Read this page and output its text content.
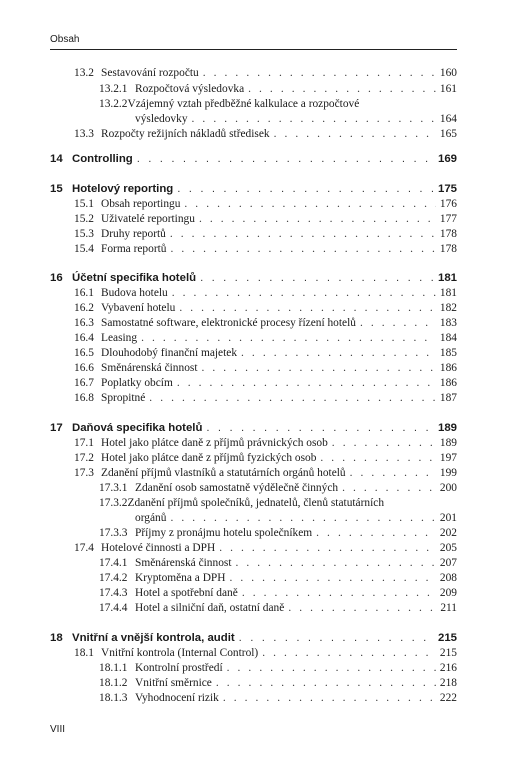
Obsah
13.2 Sestavování rozpočtu . . .	160
13.2.1 Rozpočtová výsledovka . . .	161
13.2.2Vzájemný vztah předběžné kalkulace a rozpočtové
výsledovky . . .	164
13.3 Rozpočty režijních nákladů středisek . . .	165
14 Controlling . . .	169
15 Hotelový reporting . . .	175
15.1 Obsah reportingu . . .	176
15.2 Uživatelé reportingu . . .	177
15.3 Druhy reportů . . .	178
15.4 Forma reportů . . .	178
16 Účetní specifika hotelů . . .	181
16.1 Budova hotelu . . .	181
16.2 Vybavení hotelu . . .	182
16.3 Samostatné software, elektronické procesy řízení hotelů . . .	183
16.4 Leasing . . .	184
16.5 Dlouhodobý finanční majetek . . .	185
16.6 Směnárenská činnost . . .	186
16.7 Poplatky obcím . . .	186
16.8 Spropitné . . .	187
17 Daňová specifika hotelů . . .	189
17.1 Hotel jako plátce daně z příjmů právnických osob . . .	189
17.2 Hotel jako plátce daně z příjmů fyzických osob . . .	197
17.3 Zdanění příjmů vlastníků a statutárních orgánů hotelů . . .	199
17.3.1 Zdanění osob samostatně výdělečně činných . . .	200
17.3.2Zdanění příjmů společníků, jednatelů, členů statutárních
orgánů . . .	201
17.3.3 Příjmy z pronájmu hotelu společníkem . . .	202
17.4 Hotelové činnosti a DPH . . .	205
17.4.1 Směnárenská činnost . . .	207
17.4.2 Kryptoměna a DPH . . .	208
17.4.3 Hotel a spotřební daně . . .	209
17.4.4 Hotel a silniční daň, ostatní daně . . .	211
18 Vnitřní a vnější kontrola, audit . . .	215
18.1 Vnitřní kontrola (Internal Control) . . .	215
18.1.1 Kontrolní prostředí . . .	216
18.1.2 Vnitřní směrnice . . .	218
18.1.3 Vyhodnocení rizik . . .	222
VIII
